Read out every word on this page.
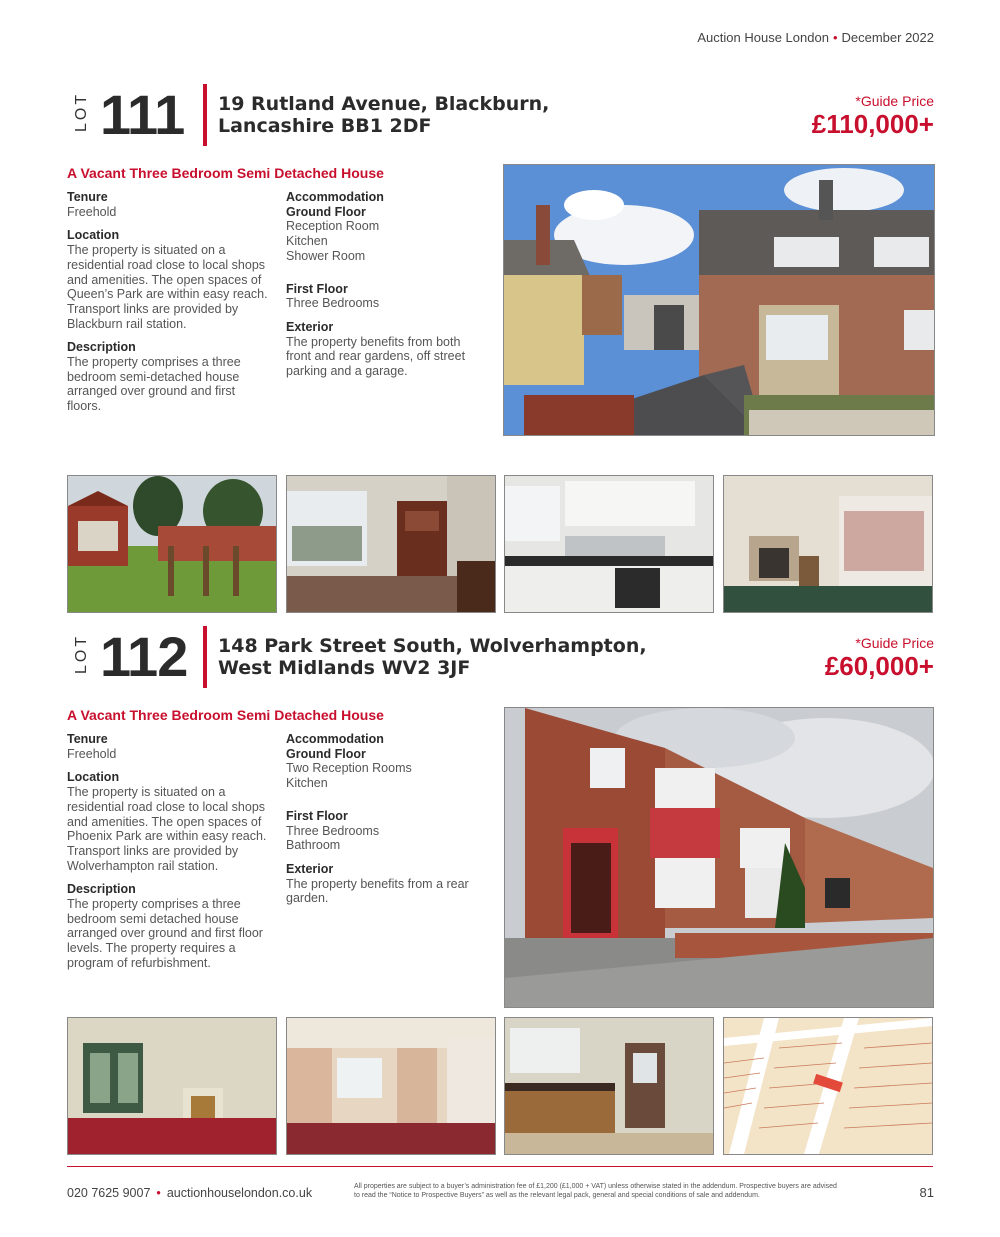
Auction House London • December 2022
LOT 111 19 Rutland Avenue, Blackburn,
Lancashire BB1 2DF
*Guide Price
£110,000+
A Vacant Three Bedroom Semi Detached House
Tenure

Freehold

Location

The property is situated on a
residential road close to local shops
and amenities. The open spaces of
Queen’s Park are within easy reach.
Transport links are provided by
Blackburn rail station.

Description

The property comprises a three
bedroom semi-detached house
arranged over ground and first
floors.

Accommodation
Ground Floor

Reception Room
Kitchen
Shower Room

First Floor

Three Bedrooms

Exterior

The property benefits from both
front and rear gardens, off street
parking and a garage.

LOT 112 148 Park Street South, Wolverhampton,
West Midlands WV2 3JF
*Guide Price
£60,000+
A Vacant Three Bedroom Semi Detached House
Tenure

Freehold

Location

The property is situated on a
residential road close to local shops
and amenities. The open spaces of
Phoenix Park are within easy reach.
Transport links are provided by
Wolverhampton rail station.

Description

The property comprises a three
bedroom semi detached house
arranged over ground and first floor
levels. The property requires a
program of refurbishment.

Accommodation
Ground Floor

Two Reception Rooms
Kitchen

First Floor

Three Bedrooms
Bathroom

Exterior

The property benefits from a rear
garden.

020 7625 9007 • auctionhouselondon.co.uk	All properties are subject to a buyer’s administration fee of £1,200 (£1,000 + VAT) unless otherwise stated in the addendum. Prospective buyers are advised to read the “Notice to Prospective Buyers” as well as the relevant legal pack, general and special conditions of sale and addendum.	81
